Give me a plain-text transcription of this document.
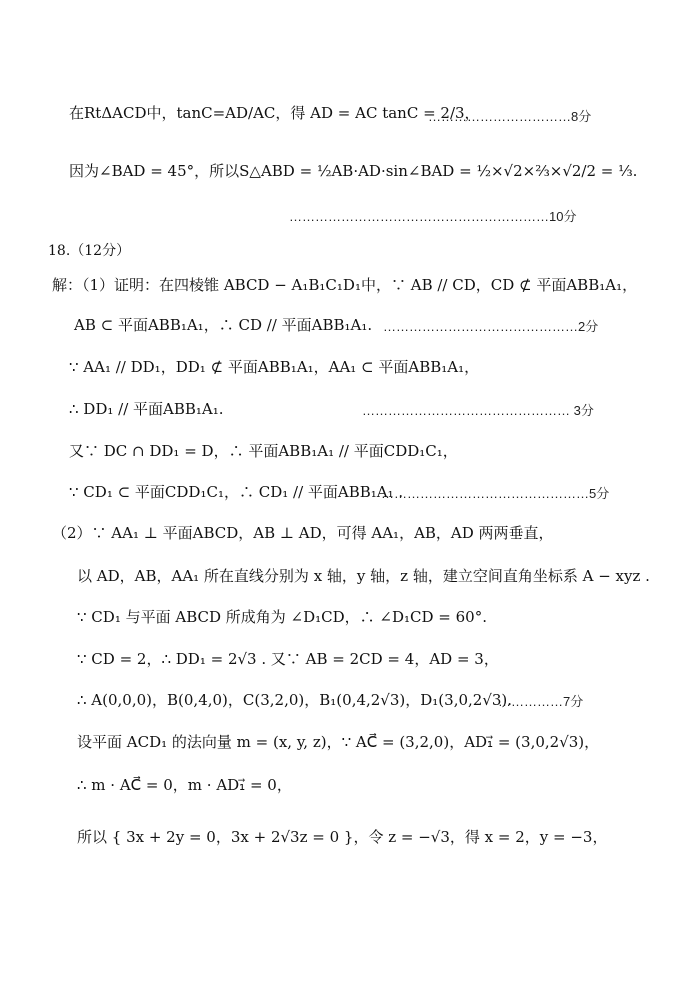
在RtΔACD中，tanC=AD/AC，得 AD = AC tanC = 2/3，
……………………………8分
因为∠BAD = 45°，所以S△ABD = ½AB·AD·sin∠BAD = ½×√2×⅔×√2/2 = ⅓.
……………………………………………………10分
18.（12分）
解：（1）证明：在四棱锥 ABCD − A₁B₁C₁D₁中，∵ AB // CD，CD ⊄ 平面ABB₁A₁，
AB ⊂ 平面ABB₁A₁，∴ CD // 平面ABB₁A₁. ………………………………………2分
∵ AA₁ // DD₁，DD₁ ⊄ 平面ABB₁A₁，AA₁ ⊂ 平面ABB₁A₁，
∴ DD₁ // 平面ABB₁A₁.	………………………………………… 3分
又∵ DC ∩ DD₁ = D，∴ 平面ABB₁A₁ // 平面CDD₁C₁，
∵ CD₁ ⊂ 平面CDD₁C₁，∴ CD₁ // 平面ABB₁A₁ .
…………………………………………5分
（2）∵ AA₁ ⊥ 平面ABCD，AB ⊥ AD，可得 AA₁，AB，AD 两两垂直，
以 AD，AB，AA₁ 所在直线分别为 x 轴，y 轴，z 轴，建立空间直角坐标系 A − xyz .
∵ CD₁ 与平面 ABCD 所成角为 ∠D₁CD，∴ ∠D₁CD = 60°.
∵ CD = 2，∴ DD₁ = 2√3 . 又∵ AB = 2CD = 4，AD = 3，
∴ A(0,0,0)，B(0,4,0)，C(3,2,0)，B₁(0,4,2√3)，D₁(3,0,2√3).
……………7分
设平面 ACD₁ 的法向量 m = (x, y, z)，∵ AC⃗ = (3,2,0)，AD₁⃗ = (3,0,2√3)，
∴ m · AC⃗ = 0，m · AD₁⃗ = 0，
所以 { 3x + 2y = 0，3x + 2√3z = 0 }，令 z = −√3，得 x = 2，y = −3，
